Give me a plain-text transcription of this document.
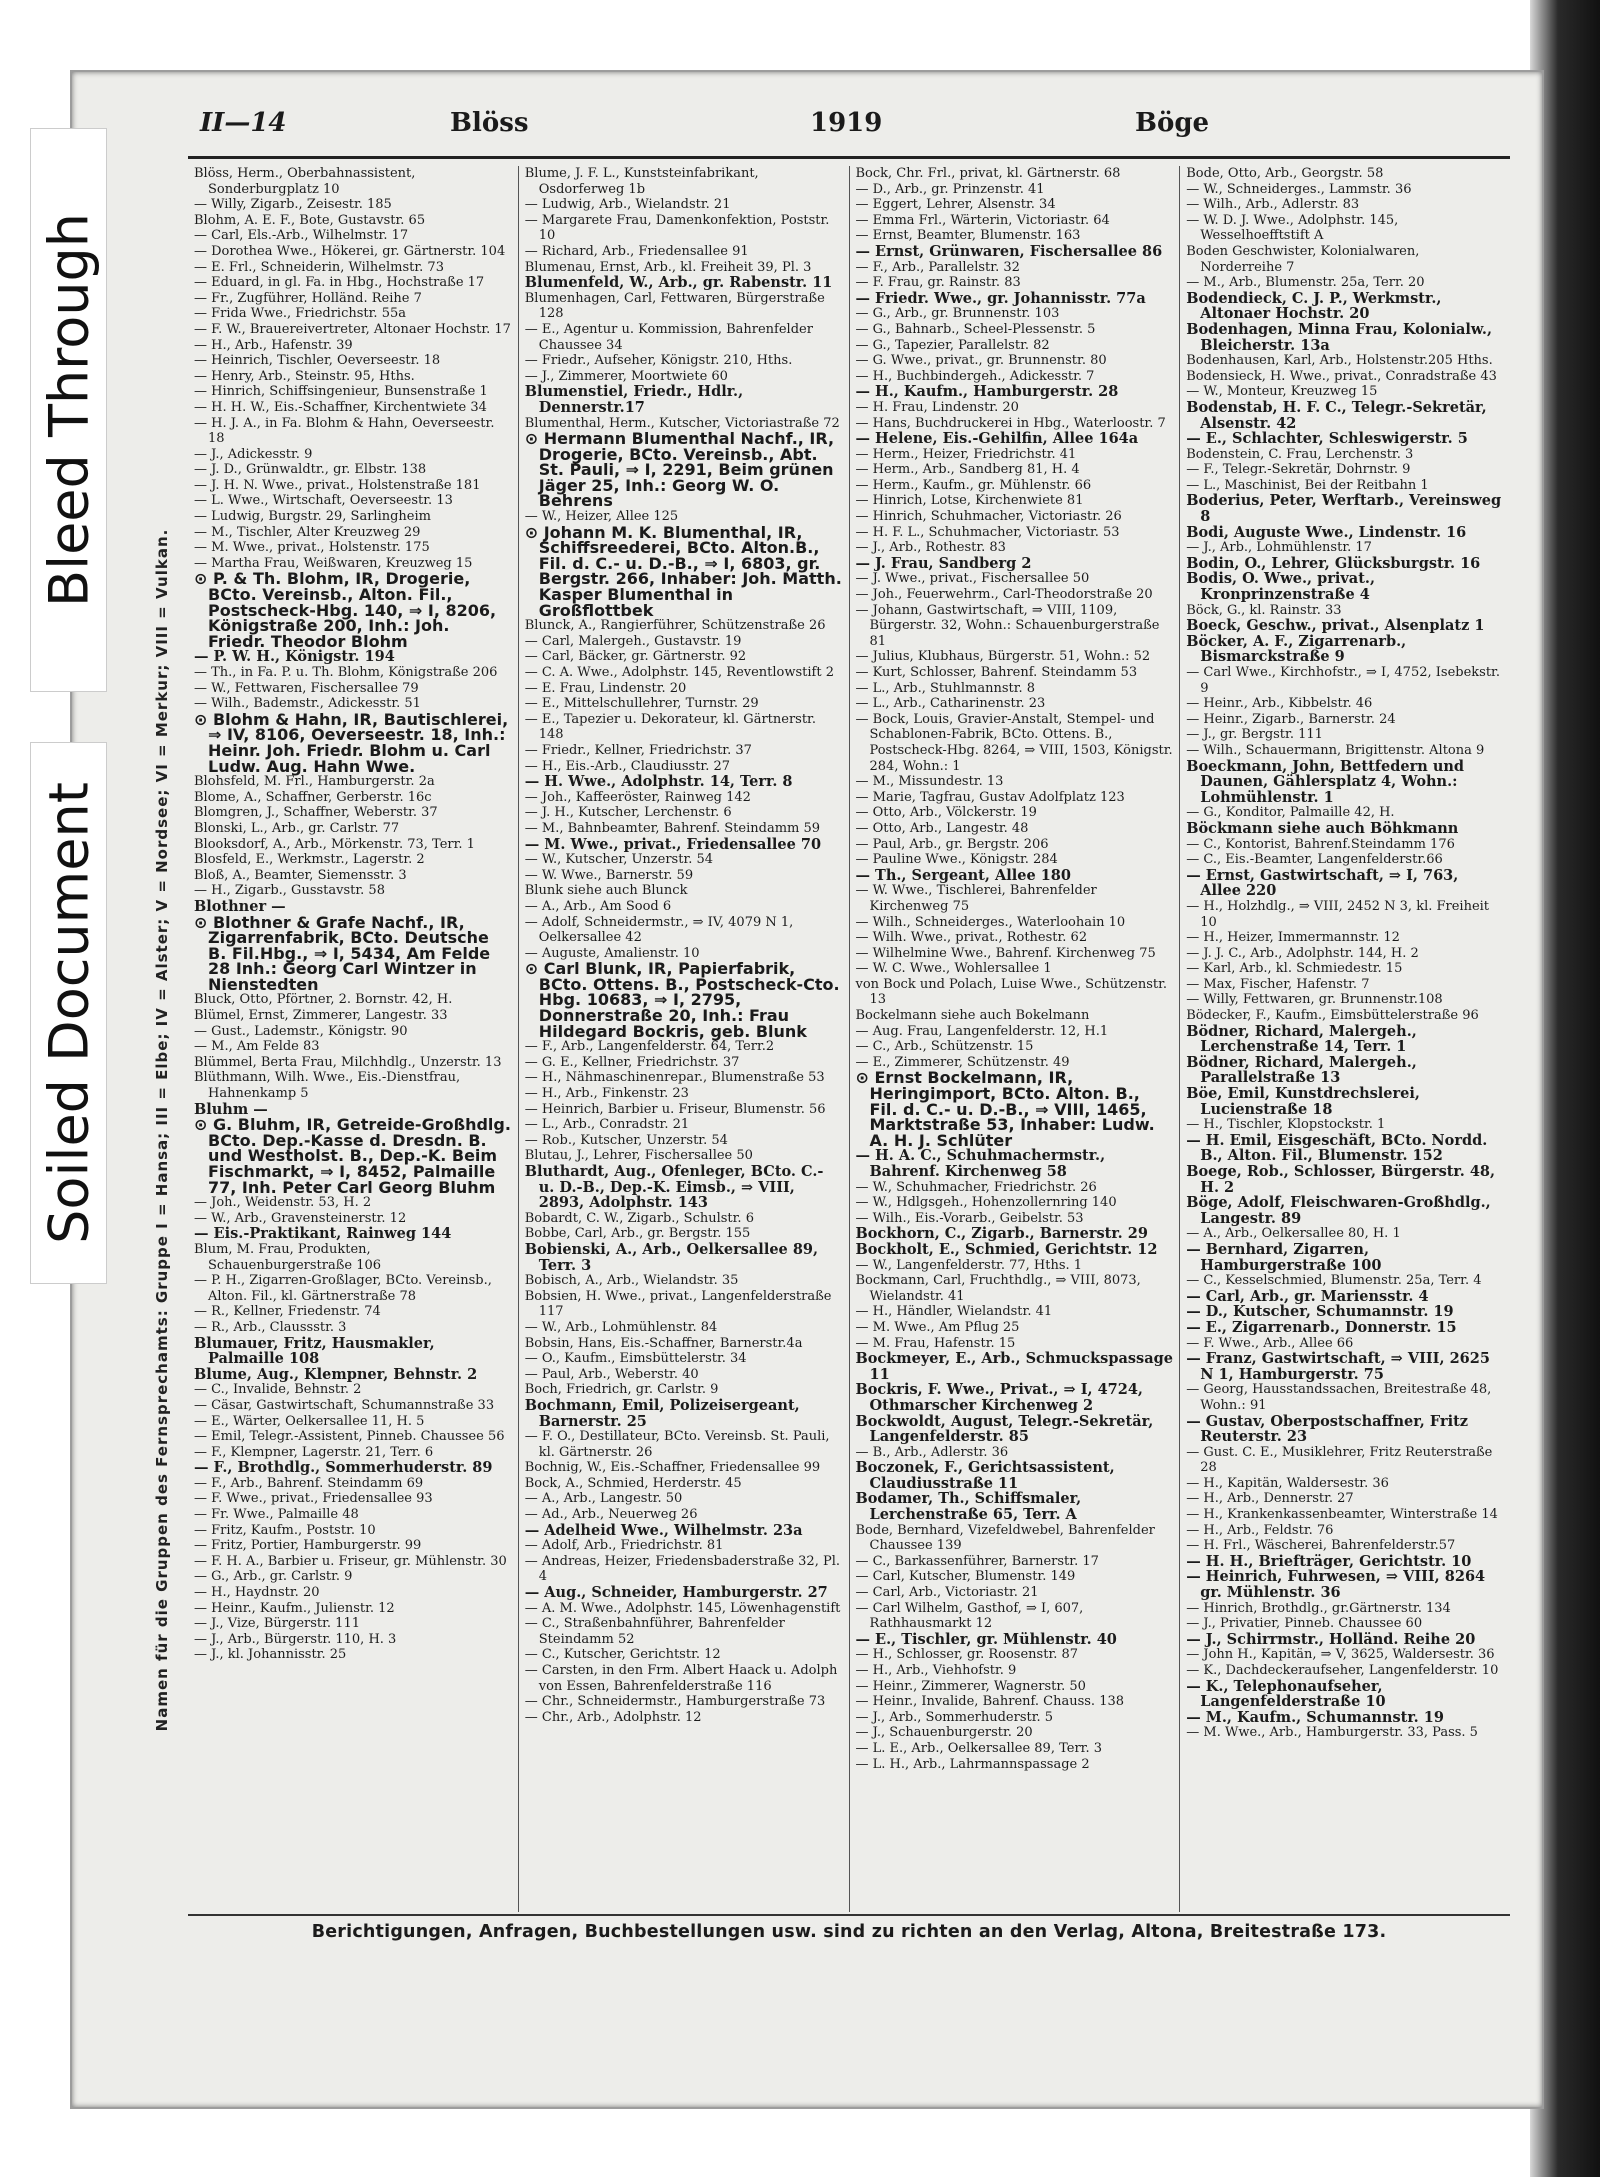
Bleed Through
Soiled Document	Namen für die Gruppen des Fernsprechamts: Gruppe I = Hansa; III = Elbe; IV = Alster; V = Nordsee; VI = Merkur; VIII = Vulkan.
II—14	Blöss	1919	Böge

Blöss, Herm., Oberbahnassistent, Sonderburgplatz 10

— Willy, Zigarb., Zeisestr. 185

Blohm, A. E. F., Bote, Gustavstr. 65

— Carl, Els.-Arb., Wilhelmstr. 17

— Dorothea Wwe., Hökerei, gr. Gärtnerstr. 104

— E. Frl., Schneiderin, Wilhelmstr. 73

— Eduard, in gl. Fa. in Hbg., Hochstraße 17

— Fr., Zugführer, Holländ. Reihe 7

— Frida Wwe., Friedrichstr. 55a

— F. W., Brauereivertreter, Altonaer Hochstr. 17

— H., Arb., Hafenstr. 39

— Heinrich, Tischler, Oeverseestr. 18

— Henry, Arb., Steinstr. 95, Hths.

— Hinrich, Schiffsingenieur, Bunsenstraße 1

— H. H. W., Eis.-Schaffner, Kirchentwiete 34

— H. J. A., in Fa. Blohm & Hahn, Oeverseestr. 18

— J., Adickesstr. 9

— J. D., Grünwaldtr., gr. Elbstr. 138

— J. H. N. Wwe., privat., Holstenstraße 181

— L. Wwe., Wirtschaft, Oeverseestr. 13

— Ludwig, Burgstr. 29, Sarlingheim

— M., Tischler, Alter Kreuzweg 29

— M. Wwe., privat., Holstenstr. 175

— Martha Frau, Weißwaren, Kreuzweg 15

⊙ P. & Th. Blohm, IR, Drogerie, BCto. Vereinsb., Alton. Fil., Postscheck-Hbg. 140, ⇒ I, 8206, Königstraße 200, Inh.: Joh. Friedr. Theodor Blohm

— P. W. H., Königstr. 194

— Th., in Fa. P. u. Th. Blohm, Königstraße 206

— W., Fettwaren, Fischersallee 79

— Wilh., Bademstr., Adickesstr. 51

⊙ Blohm & Hahn, IR, Bautischlerei, ⇒ IV, 8106, Oeverseestr. 18, Inh.: Heinr. Joh. Friedr. Blohm u. Carl Ludw. Aug. Hahn Wwe.

Blohsfeld, M. Frl., Hamburgerstr. 2a

Blome, A., Schaffner, Gerberstr. 16c

Blomgren, J., Schaffner, Weberstr. 37

Blonski, L., Arb., gr. Carlstr. 77

Blooksdorf, A., Arb., Mörkenstr. 73, Terr. 1

Blosfeld, E., Werkmstr., Lagerstr. 2

Bloß, A., Beamter, Siemensstr. 3

— H., Zigarb., Gusstavstr. 58

Blothner —

⊙ Blothner & Grafe Nachf., IR, Zigarrenfabrik, BCto. Deutsche B. Fil.Hbg., ⇒ I, 5434, Am Felde 28 Inh.: Georg Carl Wintzer in Nienstedten

Bluck, Otto, Pförtner, 2. Bornstr. 42, H.

Blümel, Ernst, Zimmerer, Langestr. 33

— Gust., Lademstr., Königstr. 90

— M., Am Felde 83

Blümmel, Berta Frau, Milchhdlg., Unzerstr. 13

Blüthmann, Wilh. Wwe., Eis.-Dienstfrau, Hahnenkamp 5

Bluhm —

⊙ G. Bluhm, IR, Getreide-Großhdlg. BCto. Dep.-Kasse d. Dresdn. B. und Westholst. B., Dep.-K. Beim Fischmarkt, ⇒ I, 8452, Palmaille 77, Inh. Peter Carl Georg Bluhm

— Joh., Weidenstr. 53, H. 2

— W., Arb., Gravensteinerstr. 12

— Eis.-Praktikant, Rainweg 144

Blum, M. Frau, Produkten, Schauenburgerstraße 106

— P. H., Zigarren-Großlager, BCto. Vereinsb., Alton. Fil., kl. Gärtnerstraße 78

— R., Kellner, Friedenstr. 74

— R., Arb., Claussstr. 3

Blumauer, Fritz, Hausmakler, Palmaille 108

Blume, Aug., Klempner, Behnstr. 2

— C., Invalide, Behnstr. 2

— Cäsar, Gastwirtschaft, Schumannstraße 33

— E., Wärter, Oelkersallee 11, H. 5

— Emil, Telegr.-Assistent, Pinneb. Chaussee 56

— F., Klempner, Lagerstr. 21, Terr. 6

— F., Brothdlg., Sommerhuderstr. 89

— F., Arb., Bahrenf. Steindamm 69

— F. Wwe., privat., Friedensallee 93

— Fr. Wwe., Palmaille 48

— Fritz, Kaufm., Poststr. 10

— Fritz, Portier, Hamburgerstr. 99

— F. H. A., Barbier u. Friseur, gr. Mühlenstr. 30

— G., Arb., gr. Carlstr. 9

— H., Haydnstr. 20

— Heinr., Kaufm., Julienstr. 12

— J., Vize, Bürgerstr. 111

— J., Arb., Bürgerstr. 110, H. 3

— J., kl. Johannisstr. 25

Blume, J. F. L., Kunststeinfabrikant, Osdorferweg 1b

— Ludwig, Arb., Wielandstr. 21

— Margarete Frau, Damenkonfektion, Poststr. 10

— Richard, Arb., Friedensallee 91

Blumenau, Ernst, Arb., kl. Freiheit 39, Pl. 3

Blumenfeld, W., Arb., gr. Rabenstr. 11

Blumenhagen, Carl, Fettwaren, Bürgerstraße 128

— E., Agentur u. Kommission, Bahrenfelder Chaussee 34

— Friedr., Aufseher, Königstr. 210, Hths.

— J., Zimmerer, Moortwiete 60

Blumenstiel, Friedr., Hdlr., Dennerstr.17

Blumenthal, Herm., Kutscher, Victoriastraße 72

⊙ Hermann Blumenthal Nachf., IR, Drogerie, BCto. Vereinsb., Abt. St. Pauli, ⇒ I, 2291, Beim grünen Jäger 25, Inh.: Georg W. O. Behrens

— W., Heizer, Allee 125

⊙ Johann M. K. Blumenthal, IR, Schiffsreederei, BCto. Alton.B., Fil. d. C.- u. D.-B., ⇒ I, 6803, gr. Bergstr. 266, Inhaber: Joh. Matth. Kasper Blumenthal in Großflottbek

Blunck, A., Rangierführer, Schützenstraße 26

— Carl, Malergeh., Gustavstr. 19

— Carl, Bäcker, gr. Gärtnerstr. 92

— C. A. Wwe., Adolphstr. 145, Reventlowstift 2

— E. Frau, Lindenstr. 20

— E., Mittelschullehrer, Turnstr. 29

— E., Tapezier u. Dekorateur, kl. Gärtnerstr. 148

— Friedr., Kellner, Friedrichstr. 37

— H., Eis.-Arb., Claudiusstr. 27

— H. Wwe., Adolphstr. 14, Terr. 8

— Joh., Kaffeeröster, Rainweg 142

— J. H., Kutscher, Lerchenstr. 6

— M., Bahnbeamter, Bahrenf. Steindamm 59

— M. Wwe., privat., Friedensallee 70

— W., Kutscher, Unzerstr. 54

— W. Wwe., Barnerstr. 59

Blunk siehe auch Blunck

— A., Arb., Am Sood 6

— Adolf, Schneidermstr., ⇒ IV, 4079 N 1, Oelkersallee 42

— Auguste, Amalienstr. 10

⊙ Carl Blunk, IR, Papierfabrik, BCto. Ottens. B., Postscheck-Cto. Hbg. 10683, ⇒ I, 2795, Donnerstraße 20, Inh.: Frau Hildegard Bockris, geb. Blunk

— F., Arb., Langenfelderstr. 64, Terr.2

— G. E., Kellner, Friedrichstr. 37

— H., Nähmaschinenrepar., Blumenstraße 53

— H., Arb., Finkenstr. 23

— Heinrich, Barbier u. Friseur, Blumenstr. 56

— L., Arb., Conradstr. 21

— Rob., Kutscher, Unzerstr. 54

Blutau, J., Lehrer, Fischersallee 50

Bluthardt, Aug., Ofenleger, BCto. C.- u. D.-B., Dep.-K. Eimsb., ⇒ VIII, 2893, Adolphstr. 143

Bobardt, C. W., Zigarb., Schulstr. 6

Bobbe, Carl, Arb., gr. Bergstr. 155

Bobienski, A., Arb., Oelkersallee 89, Terr. 3

Bobisch, A., Arb., Wielandstr. 35

Bobsien, H. Wwe., privat., Langenfelderstraße 117

— W., Arb., Lohmühlenstr. 84

Bobsin, Hans, Eis.-Schaffner, Barnerstr.4a

— O., Kaufm., Eimsbüttelerstr. 34

— Paul, Arb., Weberstr. 40

Boch, Friedrich, gr. Carlstr. 9

Bochmann, Emil, Polizeisergeant, Barnerstr. 25

— F. O., Destillateur, BCto. Vereinsb. St. Pauli, kl. Gärtnerstr. 26

Bochnig, W., Eis.-Schaffner, Friedensallee 99

Bock, A., Schmied, Herderstr. 45

— A., Arb., Langestr. 50

— Ad., Arb., Neuerweg 26

— Adelheid Wwe., Wilhelmstr. 23a

— Adolf, Arb., Friedrichstr. 81

— Andreas, Heizer, Friedensbaderstraße 32, Pl. 4

— Aug., Schneider, Hamburgerstr. 27

— A. M. Wwe., Adolphstr. 145, Löwenhagenstift

— C., Straßenbahnführer, Bahrenfelder Steindamm 52

— C., Kutscher, Gerichtstr. 12

— Carsten, in den Frm. Albert Haack u. Adolph von Essen, Bahrenfelderstraße 116

— Chr., Schneidermstr., Hamburgerstraße 73

— Chr., Arb., Adolphstr. 12

Bock, Chr. Frl., privat, kl. Gärtnerstr. 68

— D., Arb., gr. Prinzenstr. 41

— Eggert, Lehrer, Alsenstr. 34

— Emma Frl., Wärterin, Victoriastr. 64

— Ernst, Beamter, Blumenstr. 163

— Ernst, Grünwaren, Fischersallee 86

— F., Arb., Parallelstr. 32

— F. Frau, gr. Rainstr. 83

— Friedr. Wwe., gr. Johannisstr. 77a

— G., Arb., gr. Brunnenstr. 103

— G., Bahnarb., Scheel-Plessenstr. 5

— G., Tapezier, Parallelstr. 82

— G. Wwe., privat., gr. Brunnenstr. 80

— H., Buchbindergeh., Adickesstr. 7

— H., Kaufm., Hamburgerstr. 28

— H. Frau, Lindenstr. 20

— Hans, Buchdruckerei in Hbg., Waterloostr. 7

— Helene, Eis.-Gehilfin, Allee 164a

— Herm., Heizer, Friedrichstr. 41

— Herm., Arb., Sandberg 81, H. 4

— Herm., Kaufm., gr. Mühlenstr. 66

— Hinrich, Lotse, Kirchenwiete 81

— Hinrich, Schuhmacher, Victoriastr. 26

— H. F. L., Schuhmacher, Victoriastr. 53

— J., Arb., Rothestr. 83

— J. Frau, Sandberg 2

— J. Wwe., privat., Fischersallee 50

— Joh., Feuerwehrm., Carl-Theodorstraße 20

— Johann, Gastwirtschaft, ⇒ VIII, 1109, Bürgerstr. 32, Wohn.: Schauenburgerstraße 81

— Julius, Klubhaus, Bürgerstr. 51, Wohn.: 52

— Kurt, Schlosser, Bahrenf. Steindamm 53

— L., Arb., Stuhlmannstr. 8

— L., Arb., Catharinenstr. 23

— Bock, Louis, Gravier-Anstalt, Stempel- und Schablonen-Fabrik, BCto. Ottens. B., Postscheck-Hbg. 8264, ⇒ VIII, 1503, Königstr. 284, Wohn.: 1

— M., Missundestr. 13

— Marie, Tagfrau, Gustav Adolfplatz 123

— Otto, Arb., Völckerstr. 19

— Otto, Arb., Langestr. 48

— Paul, Arb., gr. Bergstr. 206

— Pauline Wwe., Königstr. 284

— Th., Sergeant, Allee 180

— W. Wwe., Tischlerei, Bahrenfelder Kirchenweg 75

— Wilh., Schneiderges., Waterloohain 10

— Wilh. Wwe., privat., Rothestr. 62

— Wilhelmine Wwe., Bahrenf. Kirchenweg 75

— W. C. Wwe., Wohlersallee 1

von Bock und Polach, Luise Wwe., Schützenstr. 13

Bockelmann siehe auch Bokelmann

— Aug. Frau, Langenfelderstr. 12, H.1

— C., Arb., Schützenstr. 15

— E., Zimmerer, Schützenstr. 49

⊙ Ernst Bockelmann, IR, Heringimport, BCto. Alton. B., Fil. d. C.- u. D.-B., ⇒ VIII, 1465, Marktstraße 53, Inhaber: Ludw. A. H. J. Schlüter

— H. A. C., Schuhmachermstr., Bahrenf. Kirchenweg 58

— W., Schuhmacher, Friedrichstr. 26

— W., Hdlgsgeh., Hohenzollernring 140

— Wilh., Eis.-Vorarb., Geibelstr. 53

Bockhorn, C., Zigarb., Barnerstr. 29

Bockholt, E., Schmied, Gerichtstr. 12

— W., Langenfelderstr. 77, Hths. 1

Bockmann, Carl, Fruchthdlg., ⇒ VIII, 8073, Wielandstr. 41

— H., Händler, Wielandstr. 41

— M. Wwe., Am Pflug 25

— M. Frau, Hafenstr. 15

Bockmeyer, E., Arb., Schmuckspassage 11

Bockris, F. Wwe., Privat., ⇒ I, 4724, Othmarscher Kirchenweg 2

Bockwoldt, August, Telegr.-Sekretär, Langenfelderstr. 85

— B., Arb., Adlerstr. 36

Boczonek, F., Gerichtsassistent, Claudiusstraße 11

Bodamer, Th., Schiffsmaler, Lerchenstraße 65, Terr. A

Bode, Bernhard, Vizefeldwebel, Bahrenfelder Chaussee 139

— C., Barkassenführer, Barnerstr. 17

— Carl, Kutscher, Blumenstr. 149

— Carl, Arb., Victoriastr. 21

— Carl Wilhelm, Gasthof, ⇒ I, 607, Rathhausmarkt 12

— E., Tischler, gr. Mühlenstr. 40

— H., Schlosser, gr. Roosenstr. 87

— H., Arb., Viehhofstr. 9

— Heinr., Zimmerer, Wagnerstr. 50

— Heinr., Invalide, Bahrenf. Chauss. 138

— J., Arb., Sommerhuderstr. 5

— J., Schauenburgerstr. 20

— L. E., Arb., Oelkersallee 89, Terr. 3

— L. H., Arb., Lahrmannspassage 2

Bode, Otto, Arb., Georgstr. 58

— W., Schneiderges., Lammstr. 36

— Wilh., Arb., Adlerstr. 83

— W. D. J. Wwe., Adolphstr. 145, Wesselhoefftstift A

Boden Geschwister, Kolonialwaren, Norderreihe 7

— M., Arb., Blumenstr. 25a, Terr. 20

Bodendieck, C. J. P., Werkmstr., Altonaer Hochstr. 20

Bodenhagen, Minna Frau, Kolonialw., Bleicherstr. 13a

Bodenhausen, Karl, Arb., Holstenstr.205 Hths.

Bodensieck, H. Wwe., privat., Conradstraße 43

— W., Monteur, Kreuzweg 15

Bodenstab, H. F. C., Telegr.-Sekretär, Alsenstr. 42

— E., Schlachter, Schleswigerstr. 5

Bodenstein, C. Frau, Lerchenstr. 3

— F., Telegr.-Sekretär, Dohrnstr. 9

— L., Maschinist, Bei der Reitbahn 1

Boderius, Peter, Werftarb., Vereinsweg 8

Bodi, Auguste Wwe., Lindenstr. 16

— J., Arb., Lohmühlenstr. 17

Bodin, O., Lehrer, Glücksburgstr. 16

Bodis, O. Wwe., privat., Kronprinzenstraße 4

Böck, G., kl. Rainstr. 33

Boeck, Geschw., privat., Alsenplatz 1

Böcker, A. F., Zigarrenarb., Bismarckstraße 9

— Carl Wwe., Kirchhofstr., ⇒ I, 4752, Isebekstr. 9

— Heinr., Arb., Kibbelstr. 46

— Heinr., Zigarb., Barnerstr. 24

— J., gr. Bergstr. 111

— Wilh., Schauermann, Brigittenstr. Altona 9

Boeckmann, John, Bettfedern und Daunen, Gählersplatz 4, Wohn.: Lohmühlenstr. 1

— G., Konditor, Palmaille 42, H.

Böckmann siehe auch Böhkmann

— C., Kontorist, Bahrenf.Steindamm 176

— C., Eis.-Beamter, Langenfelderstr.66

— Ernst, Gastwirtschaft, ⇒ I, 763, Allee 220

— H., Holzhdlg., ⇒ VIII, 2452 N 3, kl. Freiheit 10

— H., Heizer, Immermannstr. 12

— J. J. C., Arb., Adolphstr. 144, H. 2

— Karl, Arb., kl. Schmiedestr. 15

— Max, Fischer, Hafenstr. 7

— Willy, Fettwaren, gr. Brunnenstr.108

Bödecker, F., Kaufm., Eimsbüttelerstraße 96

Bödner, Richard, Malergeh., Lerchenstraße 14, Terr. 1

Bödner, Richard, Malergeh., Parallelstraße 13

Böe, Emil, Kunstdrechslerei, Lucienstraße 18

— H., Tischler, Klopstockstr. 1

— H. Emil, Eisgeschäft, BCto. Nordd. B., Alton. Fil., Blumenstr. 152

Boege, Rob., Schlosser, Bürgerstr. 48, H. 2

Böge, Adolf, Fleischwaren-Großhdlg., Langestr. 89

— A., Arb., Oelkersallee 80, H. 1

— Bernhard, Zigarren, Hamburgerstraße 100

— C., Kesselschmied, Blumenstr. 25a, Terr. 4

— Carl, Arb., gr. Mariensstr. 4

— D., Kutscher, Schumannstr. 19

— E., Zigarrenarb., Donnerstr. 15

— F. Wwe., Arb., Allee 66

— Franz, Gastwirtschaft, ⇒ VIII, 2625 N 1, Hamburgerstr. 75

— Georg, Hausstandssachen, Breitestraße 48, Wohn.: 91

— Gustav, Oberpostschaffner, Fritz Reuterstr. 23

— Gust. C. E., Musiklehrer, Fritz Reuterstraße 28

— H., Kapitän, Waldersestr. 36

— H., Arb., Dennerstr. 27

— H., Krankenkassenbeamter, Winterstraße 14

— H., Arb., Feldstr. 76

— H. Frl., Wäscherei, Bahrenfelderstr.57

— H. H., Briefträger, Gerichtstr. 10

— Heinrich, Fuhrwesen, ⇒ VIII, 8264 gr. Mühlenstr. 36

— Hinrich, Brothdlg., gr.Gärtnerstr. 134

— J., Privatier, Pinneb. Chaussee 60

— J., Schirrmstr., Holländ. Reihe 20

— John H., Kapitän, ⇒ V, 3625, Waldersestr. 36

— K., Dachdeckeraufseher, Langenfelderstr. 10

— K., Telephonaufseher, Langenfelderstraße 10

— M., Kaufm., Schumannstr. 19

— M. Wwe., Arb., Hamburgerstr. 33, Pass. 5

Berichtigungen, Anfragen, Buchbestellungen usw. sind zu richten an den Verlag, Altona, Breitestraße 173.
